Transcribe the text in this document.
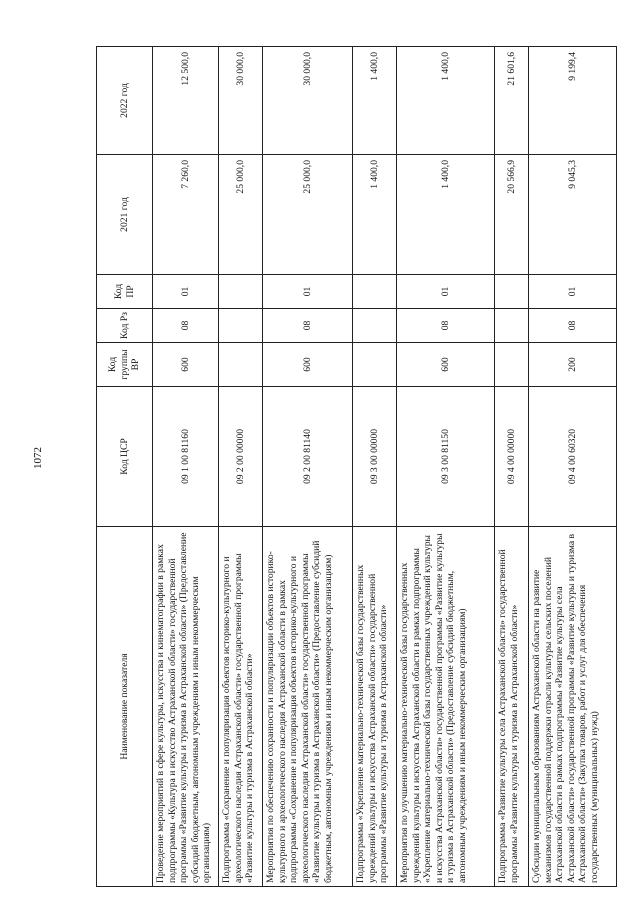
1072
Наименование показателя	Код ЦСР	Код группы ВР	Код Рз	Код ПР	2021 год	2022 год
Проведение мероприятий в сфере культуры, искусства и кинематографии в рамках подпрограммы «Культура и искусство Астраханской области» государственной программы «Развитие культуры и туризма в Астраханской области» (Предоставление субсидий бюджетным, автономным учреждениям и иным некоммерческим организациям)	09 1 00 81160	600	08	01	7 260,0	12 500,0
Подпрограмма «Сохранение и популяризация объектов историко-культурного и археологического наследия Астраханской области» государственной программы «Развитие культуры и туризма в Астраханской области»	09 2 00 00000				25 000,0	30 000,0
Мероприятия по обеспечению сохранности и популяризации объектов историко-культурного и археологического наследия Астраханской области в рамках подпрограммы «Сохранение и популяризация объектов историко-культурного и археологического наследия Астраханской области» государственной программы «Развитие культуры и туризма в Астраханской области» (Предоставление субсидий бюджетным, автономным учреждениям и иным некоммерческим организациям)	09 2 00 81140	600	08	01	25 000,0	30 000,0
Подпрограмма «Укрепление материально-технической базы государственных учреждений культуры и искусства Астраханской области» государственной программы «Развитие культуры и туризма в Астраханской области»	09 3 00 00000				1 400,0	1 400,0
Мероприятия по улучшению материально-технической базы государственных учреждений культуры и искусства Астраханской области в рамках подпрограммы «Укрепление материально-технической базы государственных учреждений культуры и искусства Астраханской области» государственной программы «Развитие культуры и туризма в Астраханской области» (Предоставление субсидий бюджетным, автономным учреждениям и иным некоммерческим организациям)	09 3 00 81150	600	08	01	1 400,0	1 400,0
Подпрограмма «Развитие культуры села Астраханской области» государственной программы «Развитие культуры и туризма в Астраханской области»	09 4 00 00000				20 566,9	21 601,6
Субсидии муниципальным образованиям Астраханской области на развитие механизмов государственной поддержки отрасли культуры сельских поселений Астраханской области в рамках подпрограммы «Развитие культуры села Астраханской области» государственной программы «Развитие культуры и туризма в Астраханской области» (Закупка товаров, работ и услуг для обеспечения государственных (муниципальных) нужд)	09 4 00 60320	200	08	01	9 045,3	9 199,4
